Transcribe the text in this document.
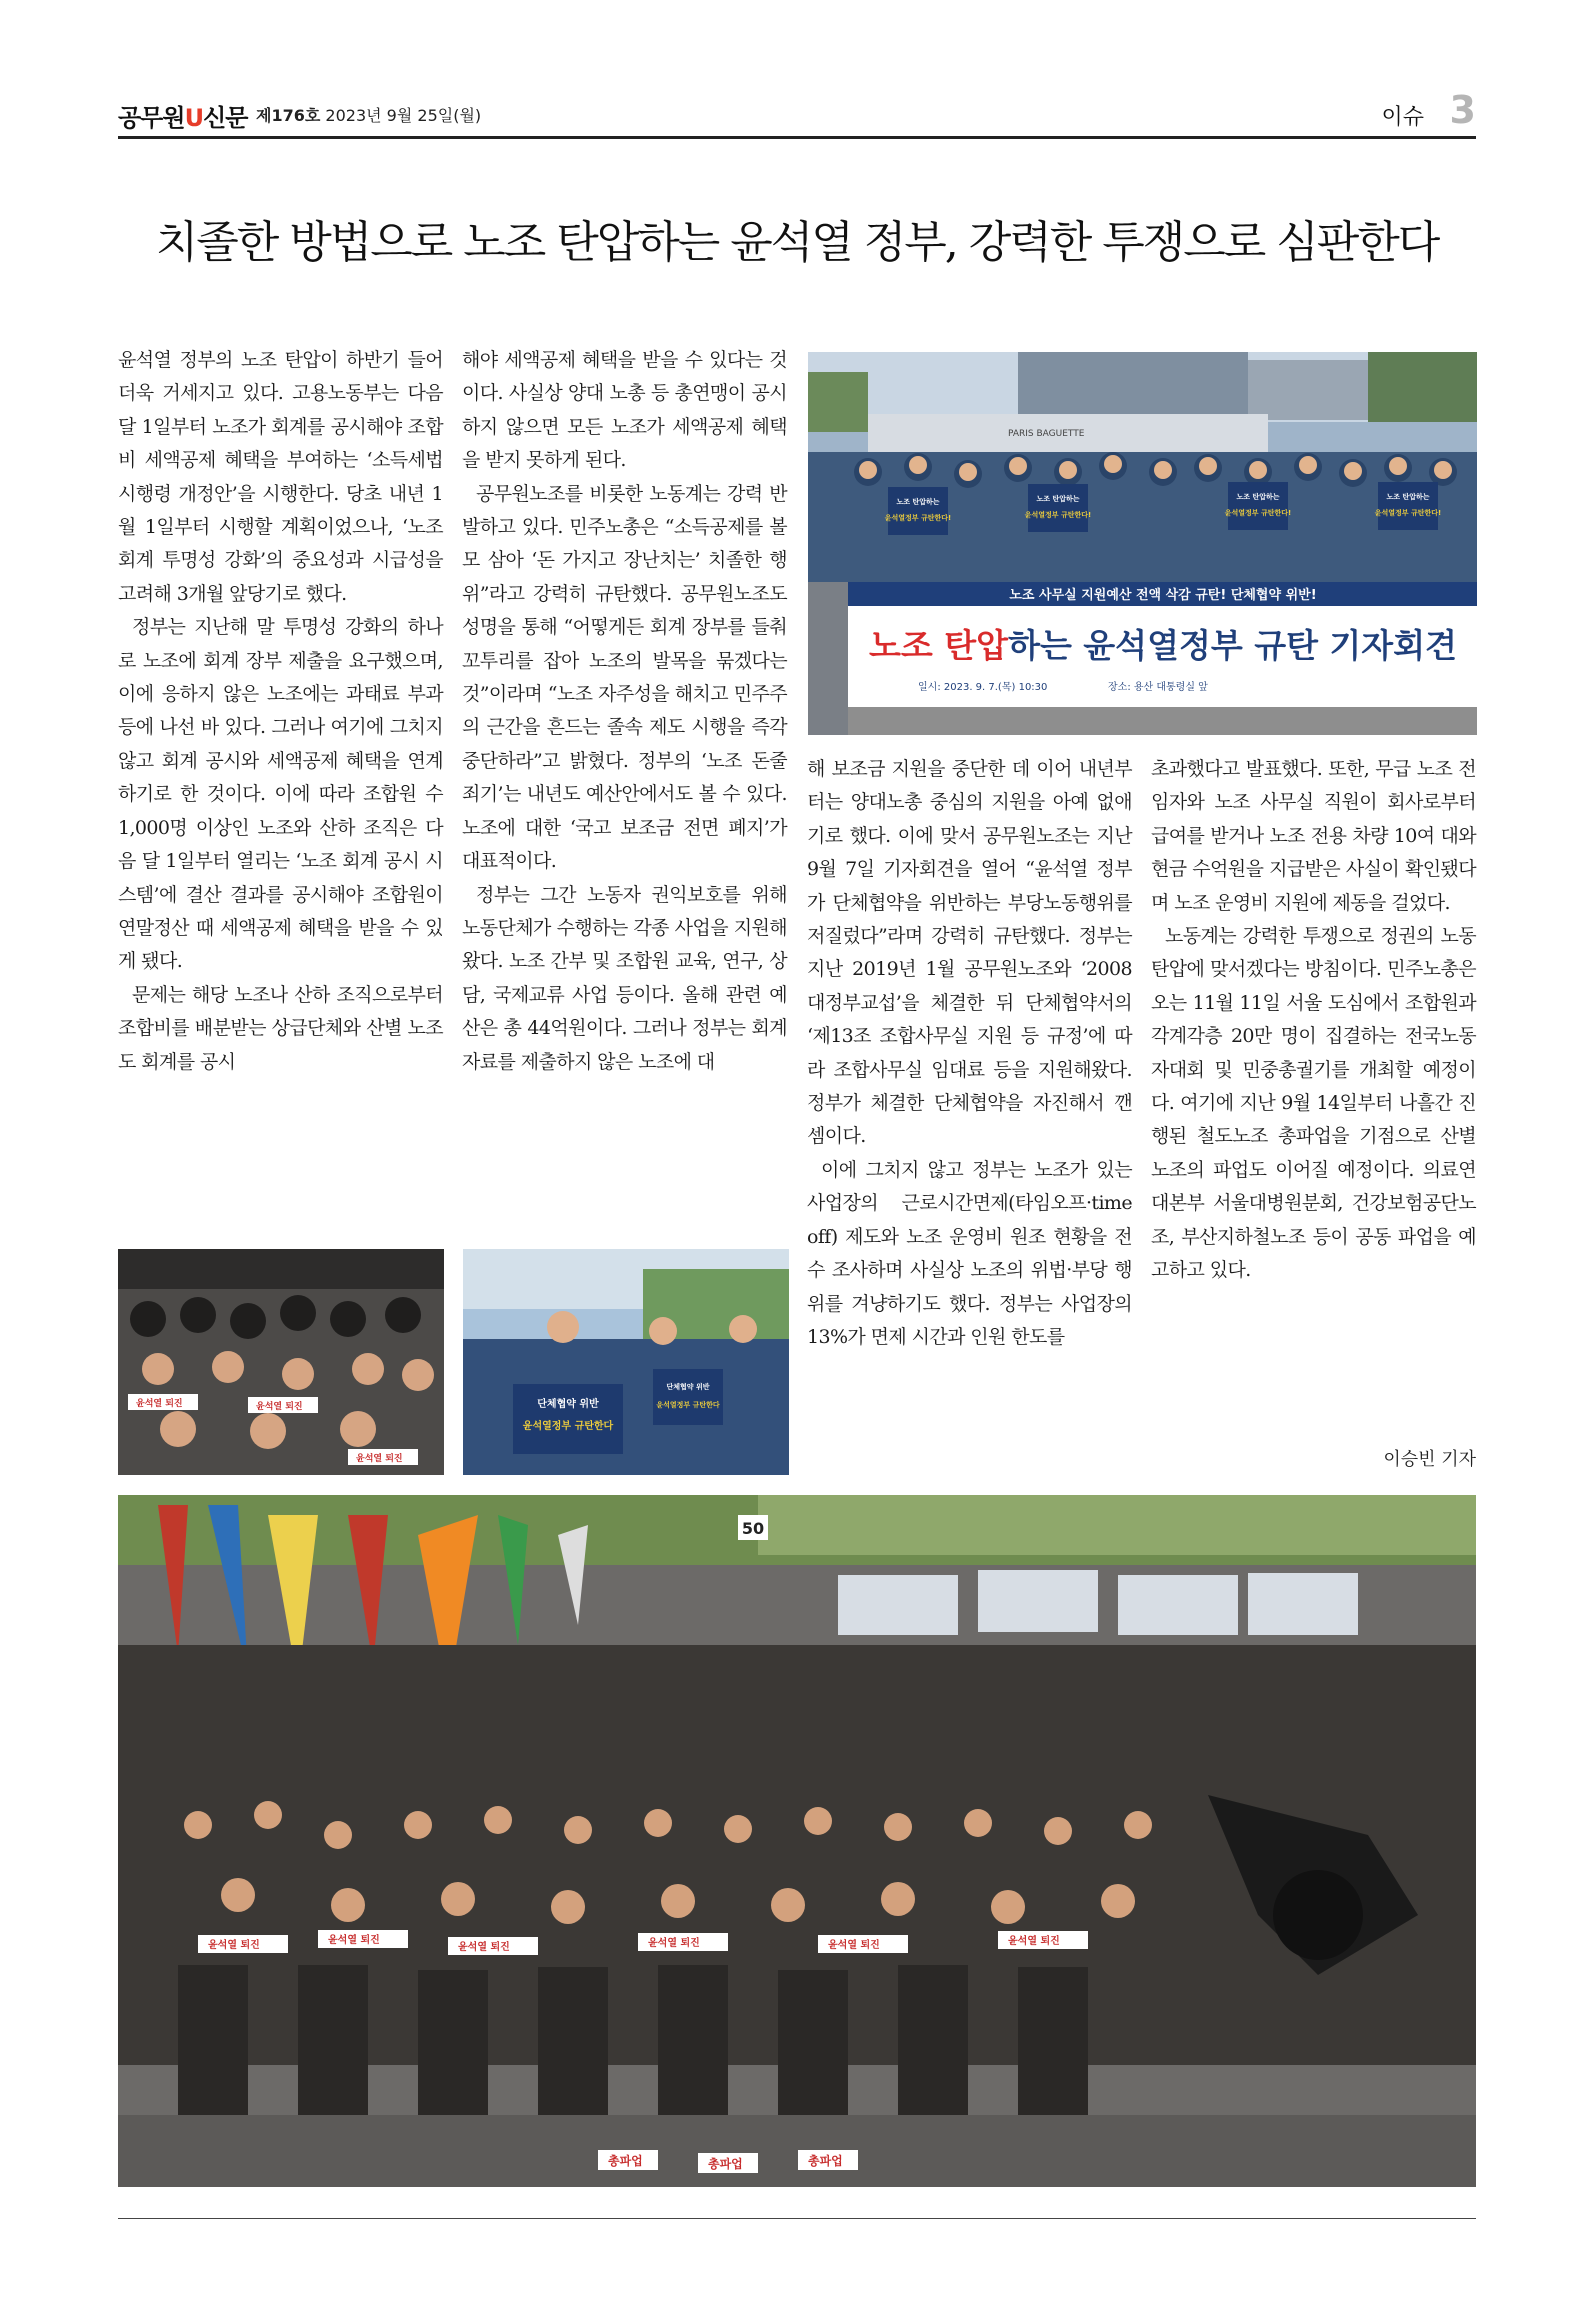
공무원U신문 제176호 2023년 9월 25일(월)	이슈 3
치졸한 방법으로 노조 탄압하는 윤석열 정부, 강력한 투쟁으로 심판한다

윤석열 정부의 노조 탄압이 하반기 들어 더욱 거세지고 있다. 고용노동부는 다음 달 1일부터 노조가 회계를 공시해야 조합비 세액공제 혜택을 부여하는 ‘소득세법 시행령 개정안’을 시행한다. 당초 내년 1월 1일부터 시행할 계획이었으나, ‘노조 회계 투명성 강화’의 중요성과 시급성을 고려해 3개월 앞당기로 했다.

정부는 지난해 말 투명성 강화의 하나로 노조에 회계 장부 제출을 요구했으며, 이에 응하지 않은 노조에는 과태료 부과 등에 나선 바 있다. 그러나 여기에 그치지 않고 회계 공시와 세액공제 혜택을 연계하기로 한 것이다. 이에 따라 조합원 수 1,000명 이상인 노조와 산하 조직은 다음 달 1일부터 열리는 ‘노조 회계 공시 시스템’에 결산 결과를 공시해야 조합원이 연말정산 때 세액공제 혜택을 받을 수 있게 됐다.

문제는 해당 노조나 산하 조직으로부터 조합비를 배분받는 상급단체와 산별 노조도 회계를 공시

해야 세액공제 혜택을 받을 수 있다는 것이다. 사실상 양대 노총 등 총연맹이 공시하지 않으면 모든 노조가 세액공제 혜택을 받지 못하게 된다.

공무원노조를 비롯한 노동계는 강력 반발하고 있다. 민주노총은 “소득공제를 볼모 삼아 ‘돈 가지고 장난치는’ 치졸한 행위”라고 강력히 규탄했다. 공무원노조도 성명을 통해 “어떻게든 회계 장부를 들춰 꼬투리를 잡아 노조의 발목을 묶겠다는 것”이라며 “노조 자주성을 해치고 민주주의 근간을 흔드는 졸속 제도 시행을 즉각 중단하라”고 밝혔다. 정부의 ‘노조 돈줄 죄기’는 내년도 예산안에서도 볼 수 있다. 노조에 대한 ‘국고 보조금 전면 폐지’가 대표적이다.

정부는 그간 노동자 권익보호를 위해 노동단체가 수행하는 각종 사업을 지원해왔다. 노조 간부 및 조합원 교육, 연구, 상담, 국제교류 사업 등이다. 올해 관련 예산은 총 44억원이다. 그러나 정부는 회계 자료를 제출하지 않은 노조에 대

해 보조금 지원을 중단한 데 이어 내년부터는 양대노총 중심의 지원을 아예 없애기로 했다. 이에 맞서 공무원노조는 지난 9월 7일 기자회견을 열어 “윤석열 정부가 단체협약을 위반하는 부당노동행위를 저질렀다”라며 강력히 규탄했다. 정부는 지난 2019년 1월 공무원노조와 ‘2008 대정부교섭’을 체결한 뒤 단체협약서의 ‘제13조 조합사무실 지원 등 규정’에 따라 조합사무실 임대료 등을 지원해왔다. 정부가 체결한 단체협약을 자진해서 깬 셈이다.

이에 그치지 않고 정부는 노조가 있는 사업장의 근로시간면제(타임오프·time off) 제도와 노조 운영비 원조 현황을 전수 조사하며 사실상 노조의 위법·부당 행위를 겨냥하기도 했다. 정부는 사업장의 13%가 면제 시간과 인원 한도를

초과했다고 발표했다. 또한, 무급 노조 전임자와 노조 사무실 직원이 회사로부터 급여를 받거나 노조 전용 차량 10여 대와 현금 수억원을 지급받은 사실이 확인됐다며 노조 운영비 지원에 제동을 걸었다.

노동계는 강력한 투쟁으로 정권의 노동 탄압에 맞서겠다는 방침이다. 민주노총은 오는 11월 11일 서울 도심에서 조합원과 각계각층 20만 명이 집결하는 전국노동자대회 및 민중총궐기를 개최할 예정이다. 여기에 지난 9월 14일부터 나흘간 진행된 철도노조 총파업을 기점으로 산별 노조의 파업도 이어질 예정이다. 의료연대본부 서울대병원분회, 건강보험공단노조, 부산지하철노조 등이 공동 파업을 예고하고 있다.

이승빈 기자
PARIS BAGUETTE
노조 탄압하는
윤석열정부 규탄한다!
노조 탄압하는
윤석열정부 규탄한다!
노조 탄압하는
윤석열정부 규탄한다!
노조 탄압하는
윤석열정부 규탄한다!
노조 사무실 지원예산 전액 삭감 규탄! 단체협약 위반!
노조 탄압하는 윤석열정부 규탄 기자회견
일시: 2023. 9. 7.(목) 10:30	장소: 용산 대통령실 앞
윤석열 퇴진	윤석열 퇴진
윤석열 퇴진
단체협약 위반
윤석열정부 규탄한다
단체협약 위반
윤석열정부 규탄한다
50
윤석열 퇴진	윤석열 퇴진
윤석열 퇴진	윤석열 퇴진	윤석열 퇴진	윤석열 퇴진
총파업	총파업	총파업
